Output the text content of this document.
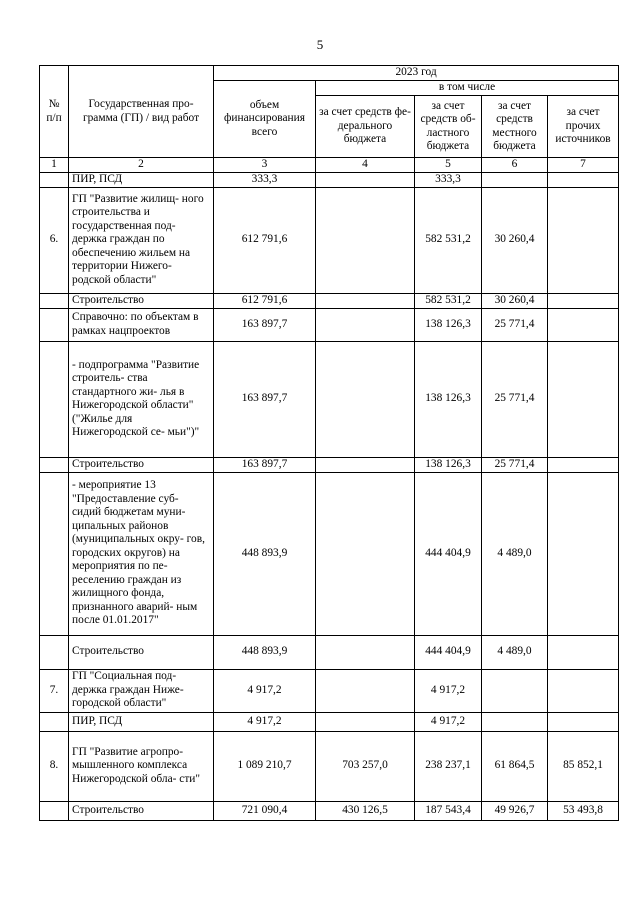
5
№ п/п	Государственная про- грамма (ГП) / вид работ	2023 год				
		объем финансирования всего	в том числе			
			за счет средств фе- дерального бюджета	за счет средств об- ластного бюджета	за счет средств местного бюджета	за счет прочих источников
1	2	3	4	5	6	7
	ПИР, ПСД	333,3		333,3		
6.	ГП "Развитие жилищ- ного строительства и государственная под- держка граждан по обеспечению жильем на территории Нижего- родской области"	612 791,6		582 531,2	30 260,4	
	Строительство	612 791,6		582 531,2	30 260,4	
	Справочно: по объектам в рамках нацпроектов	163 897,7		138 126,3	25 771,4	
	- подпрограмма "Развитие строитель- ства стандартного жи- лья в Нижегородской области" ("Жилье для Нижегородской се- мьи")"	163 897,7		138 126,3	25 771,4	
	Строительство	163 897,7		138 126,3	25 771,4	
	- мероприятие 13 "Предоставление суб- сидий бюджетам муни- ципальных районов (муниципальных окру- гов, городских округов) на мероприятия по пе- реселению граждан из жилищного фонда, признанного аварий- ным после 01.01.2017"	448 893,9		444 404,9	4 489,0	
	Строительство	448 893,9		444 404,9	4 489,0	
7.	ГП "Социальная под- держка граждан Ниже- городской области"	4 917,2		4 917,2		
	ПИР, ПСД	4 917,2		4 917,2		
8.	ГП "Развитие агропро- мышленного комплекса Нижегородской обла- сти"	1 089 210,7	703 257,0	238 237,1	61 864,5	85 852,1
	Строительство	721 090,4	430 126,5	187 543,4	49 926,7	53 493,8
